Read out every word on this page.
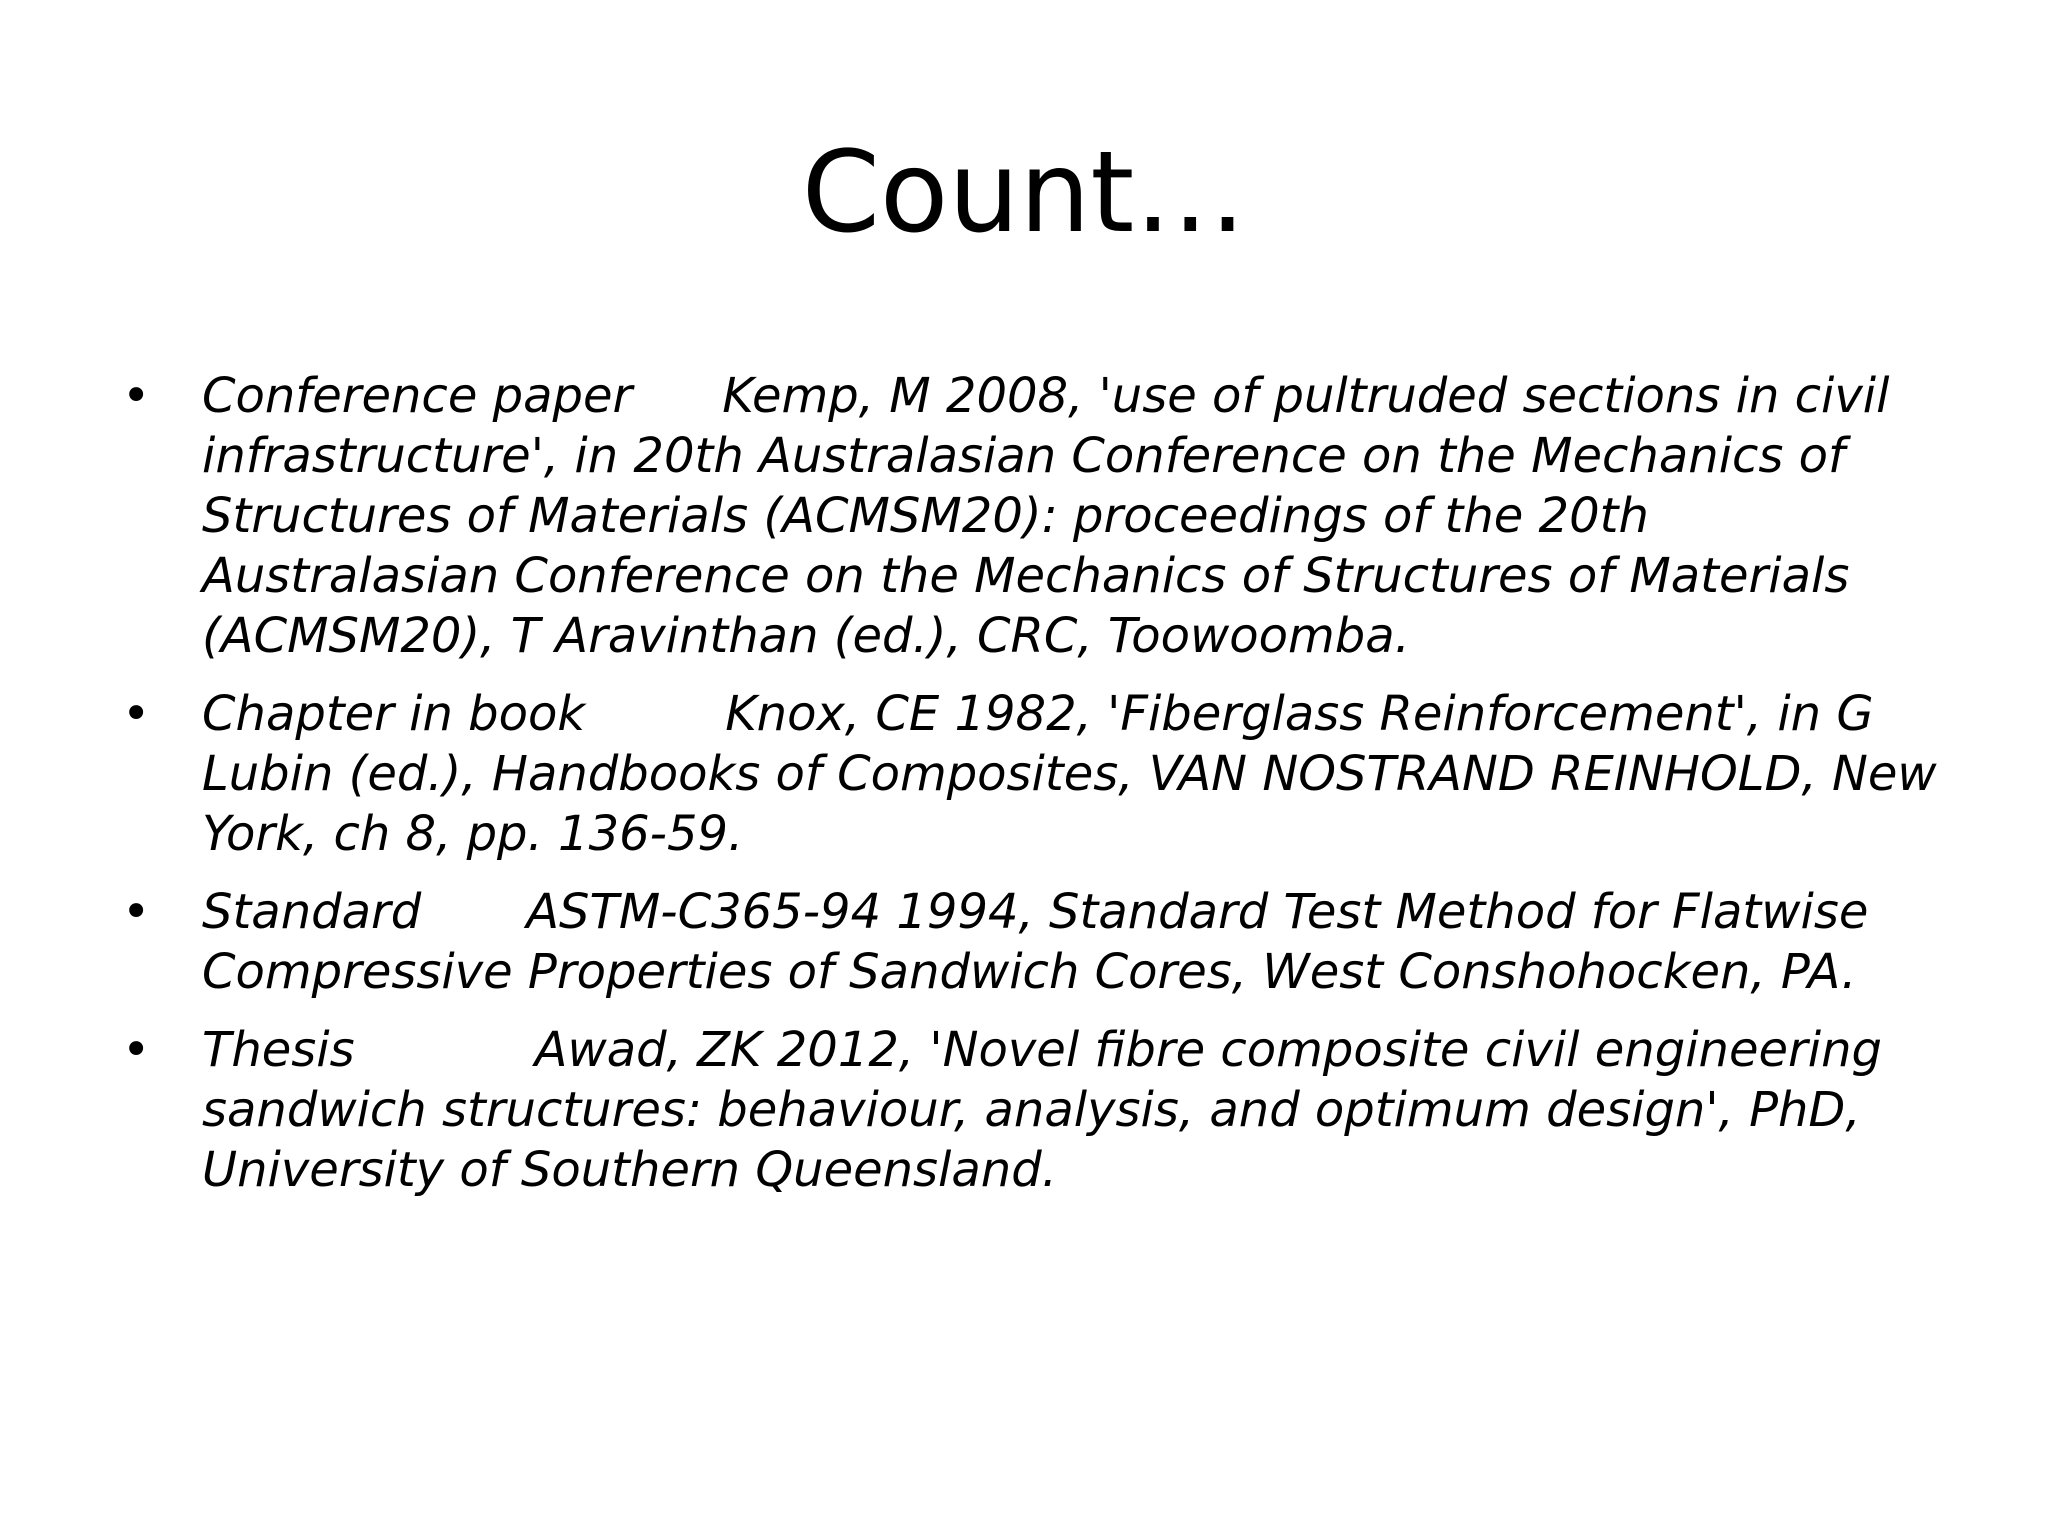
Count…
• Conference paper Kemp, M 2008, 'use of pultruded sections in civil infrastructure', in 20th Australasian Conference on the Mechanics of Structures of Materials (ACMSM20): proceedings of the 20th Australasian Conference on the Mechanics of Structures of Materials (ACMSM20), T Aravinthan (ed.), CRC, Toowoomba.
• Chapter in book	Knox, CE 1982, 'Fiberglass Reinforcement', in G Lubin (ed.), Handbooks of Composites, VAN NOSTRAND REINHOLD, New York, ch 8, pp. 136-59.
• Standard ASTM-C365-94 1994, Standard Test Method for Flatwise Compressive Properties of Sandwich Cores, West Conshohocken, PA.
• Thesis	Awad, ZK 2012, 'Novel fibre composite civil engineering sandwich structures: behaviour, analysis, and optimum design', PhD, University of Southern Queensland.
